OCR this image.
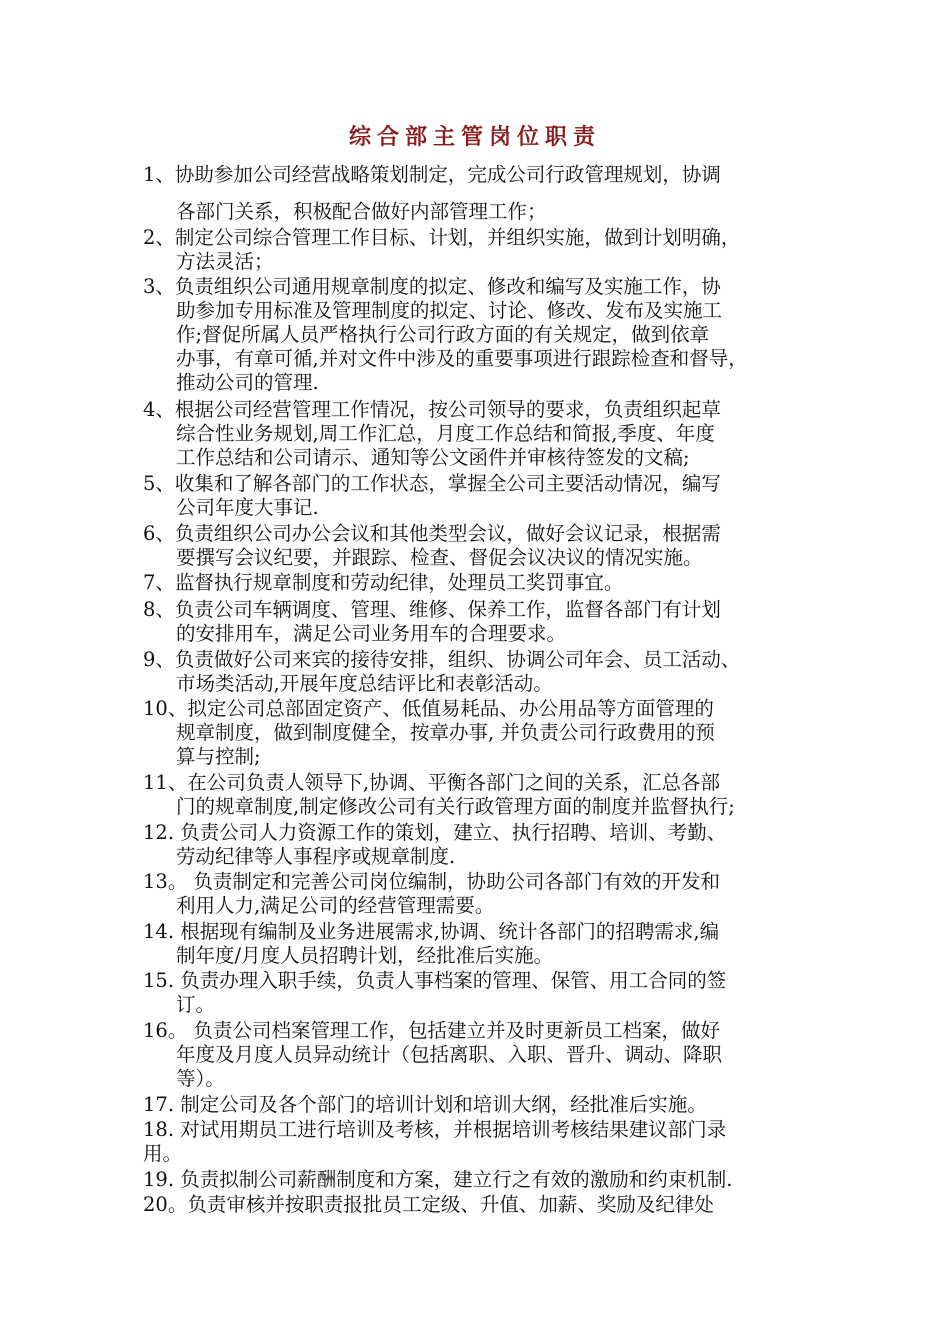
综合部主管岗位职责
1、协助参加公司经营战略策划制定，完成公司行政管理规划，协调
各部门关系，积极配合做好内部管理工作；
2、制定公司综合管理工作目标、计划，并组织实施，做到计划明确，
方法灵活；
3、负责组织公司通用规章制度的拟定、修改和编写及实施工作，协
助参加专用标准及管理制度的拟定、讨论、修改、发布及实施工
作;督促所属人员严格执行公司行政方面的有关规定，做到依章
办事，有章可循,并对文件中涉及的重要事项进行跟踪检查和督导，
推动公司的管理.
4、根据公司经营管理工作情况，按公司领导的要求，负责组织起草
综合性业务规划,周工作汇总，月度工作总结和简报,季度、年度
工作总结和公司请示、通知等公文函件并审核待签发的文稿;
5、收集和了解各部门的工作状态，掌握全公司主要活动情况，编写
公司年度大事记.
6、负责组织公司办公会议和其他类型会议，做好会议记录，根据需
要撰写会议纪要，并跟踪、检查、督促会议决议的情况实施。
7、监督执行规章制度和劳动纪律，处理员工奖罚事宜。
8、负责公司车辆调度、管理、维修、保养工作，监督各部门有计划
的安排用车，满足公司业务用车的合理要求。
9、负责做好公司来宾的接待安排，组织、协调公司年会、员工活动、
市场类活动,开展年度总结评比和表彰活动。
10、拟定公司总部固定资产、低值易耗品、办公用品等方面管理的
规章制度，做到制度健全，按章办事, 并负责公司行政费用的预
算与控制;
11、在公司负责人领导下,协调、平衡各部门之间的关系，汇总各部
门的规章制度,制定修改公司有关行政管理方面的制度并监督执行;
12. 负责公司人力资源工作的策划，建立、执行招聘、培训、考勤、
劳动纪律等人事程序或规章制度.
13。 负责制定和完善公司岗位编制，协助公司各部门有效的开发和
利用人力,满足公司的经营管理需要。
14. 根据现有编制及业务进展需求,协调、统计各部门的招聘需求,编
制年度/月度人员招聘计划，经批准后实施。
15. 负责办理入职手续，负责人事档案的管理、保管、用工合同的签
订。
16。 负责公司档案管理工作，包括建立并及时更新员工档案，做好
年度及月度人员异动统计（包括离职、入职、晋升、调动、降职
等）。
17. 制定公司及各个部门的培训计划和培训大纲，经批准后实施。
18. 对试用期员工进行培训及考核，并根据培训考核结果建议部门录
用。
19. 负责拟制公司薪酬制度和方案，建立行之有效的激励和约束机制.
20。负责审核并按职责报批员工定级、升值、加薪、奖励及纪律处
